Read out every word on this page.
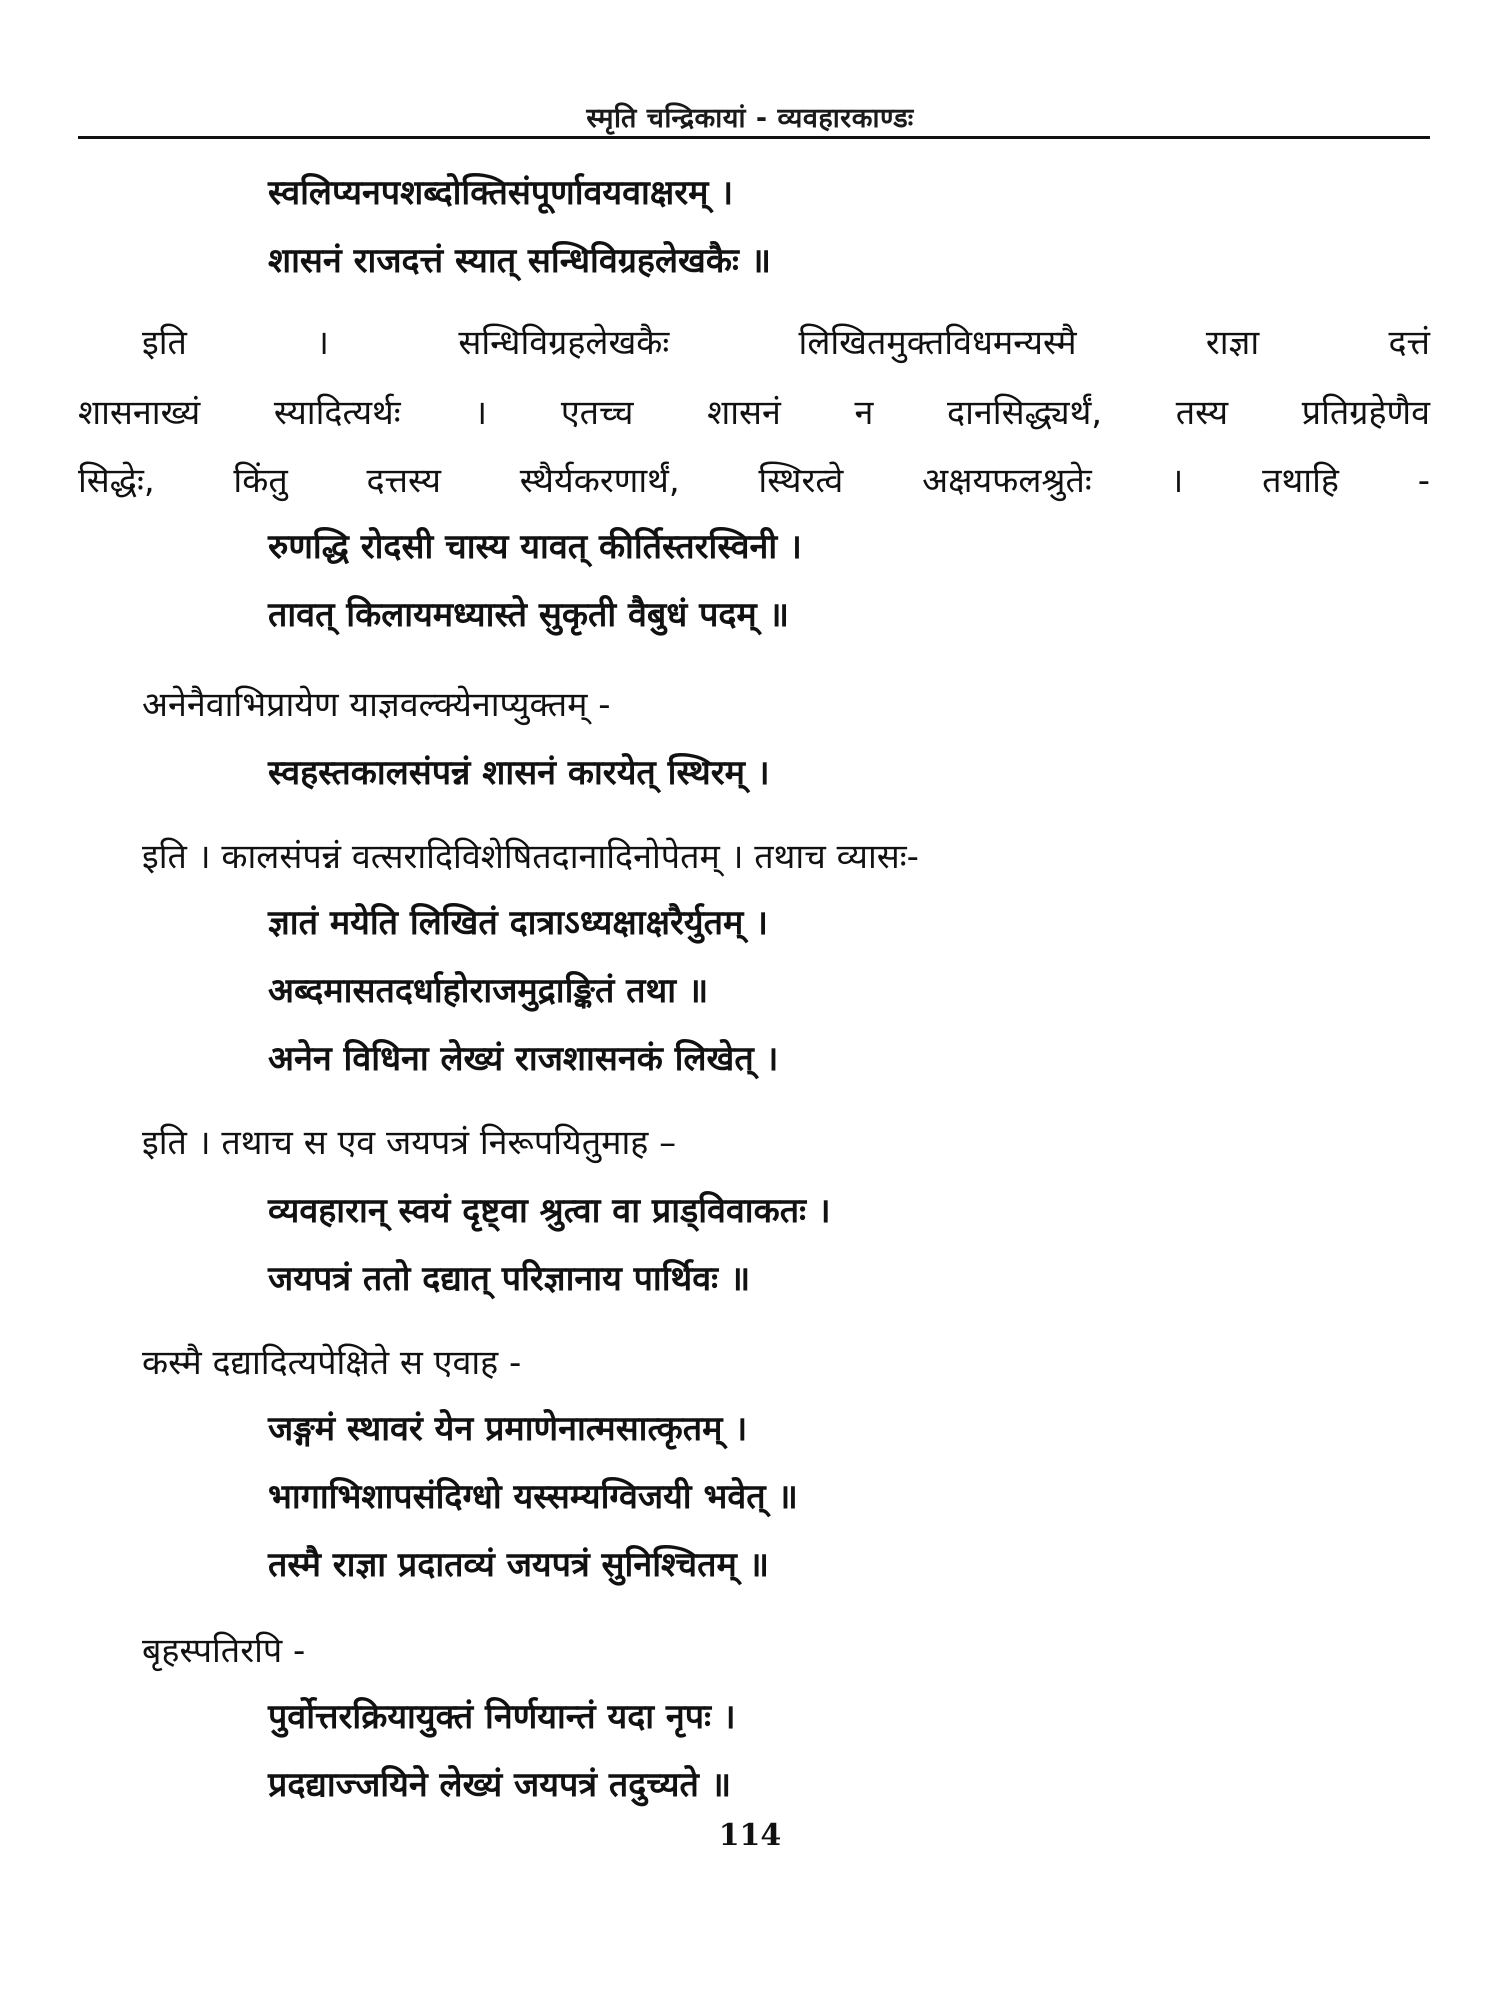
स्मृति चन्द्रिकायां - व्यवहारकाण्डः
स्वलिप्यनपशब्दोक्तिसंपूर्णावयवाक्षरम् ।
शासनं राजदत्तं स्यात् सन्धिविग्रहलेखकैः ॥
इति । सन्धिविग्रहलेखकैः लिखितमुक्तविधमन्यस्मै राज्ञा दत्तं
शासनाख्यं स्यादित्यर्थः । एतच्च शासनं न दानसिद्ध्यर्थं, तस्य प्रतिग्रहेणैव
सिद्धेः, किंतु दत्तस्य स्थैर्यकरणार्थं, स्थिरत्वे अक्षयफलश्रुतेः । तथाहि -
रुणद्धि रोदसी चास्य यावत् कीर्तिस्तरस्विनी ।
तावत् किलायमध्यास्ते सुकृती वैबुधं पदम् ॥
अनेनैवाभिप्रायेण याज्ञवल्क्येनाप्युक्तम् -
स्वहस्तकालसंपन्नं शासनं कारयेत् स्थिरम् ।
इति । कालसंपन्नं वत्सरादिविशेषितदानादिनोपेतम् । तथाच व्यासः-
ज्ञातं मयेति लिखितं दात्राऽध्यक्षाक्षरैर्युतम् ।
अब्दमासतदर्धाहोराजमुद्राङ्कितं तथा ॥
अनेन विधिना लेख्यं राजशासनकं लिखेत् ।
इति । तथाच स एव जयपत्रं निरूपयितुमाह –
व्यवहारान् स्वयं दृष्ट्वा श्रुत्वा वा प्राड्विवाकतः ।
जयपत्रं ततो दद्यात् परिज्ञानाय पार्थिवः ॥
कस्मै दद्यादित्यपेक्षिते स एवाह -
जङ्गमं स्थावरं येन प्रमाणेनात्मसात्कृतम् ।
भागाभिशापसंदिग्धो यस्सम्यग्विजयी भवेत् ॥
तस्मै राज्ञा प्रदातव्यं जयपत्रं सुनिश्चितम् ॥
बृहस्पतिरपि -
पुर्वोत्तरक्रियायुक्तं निर्णयान्तं यदा नृपः ।
प्रदद्याज्जयिने लेख्यं जयपत्रं तदुच्यते ॥
114
